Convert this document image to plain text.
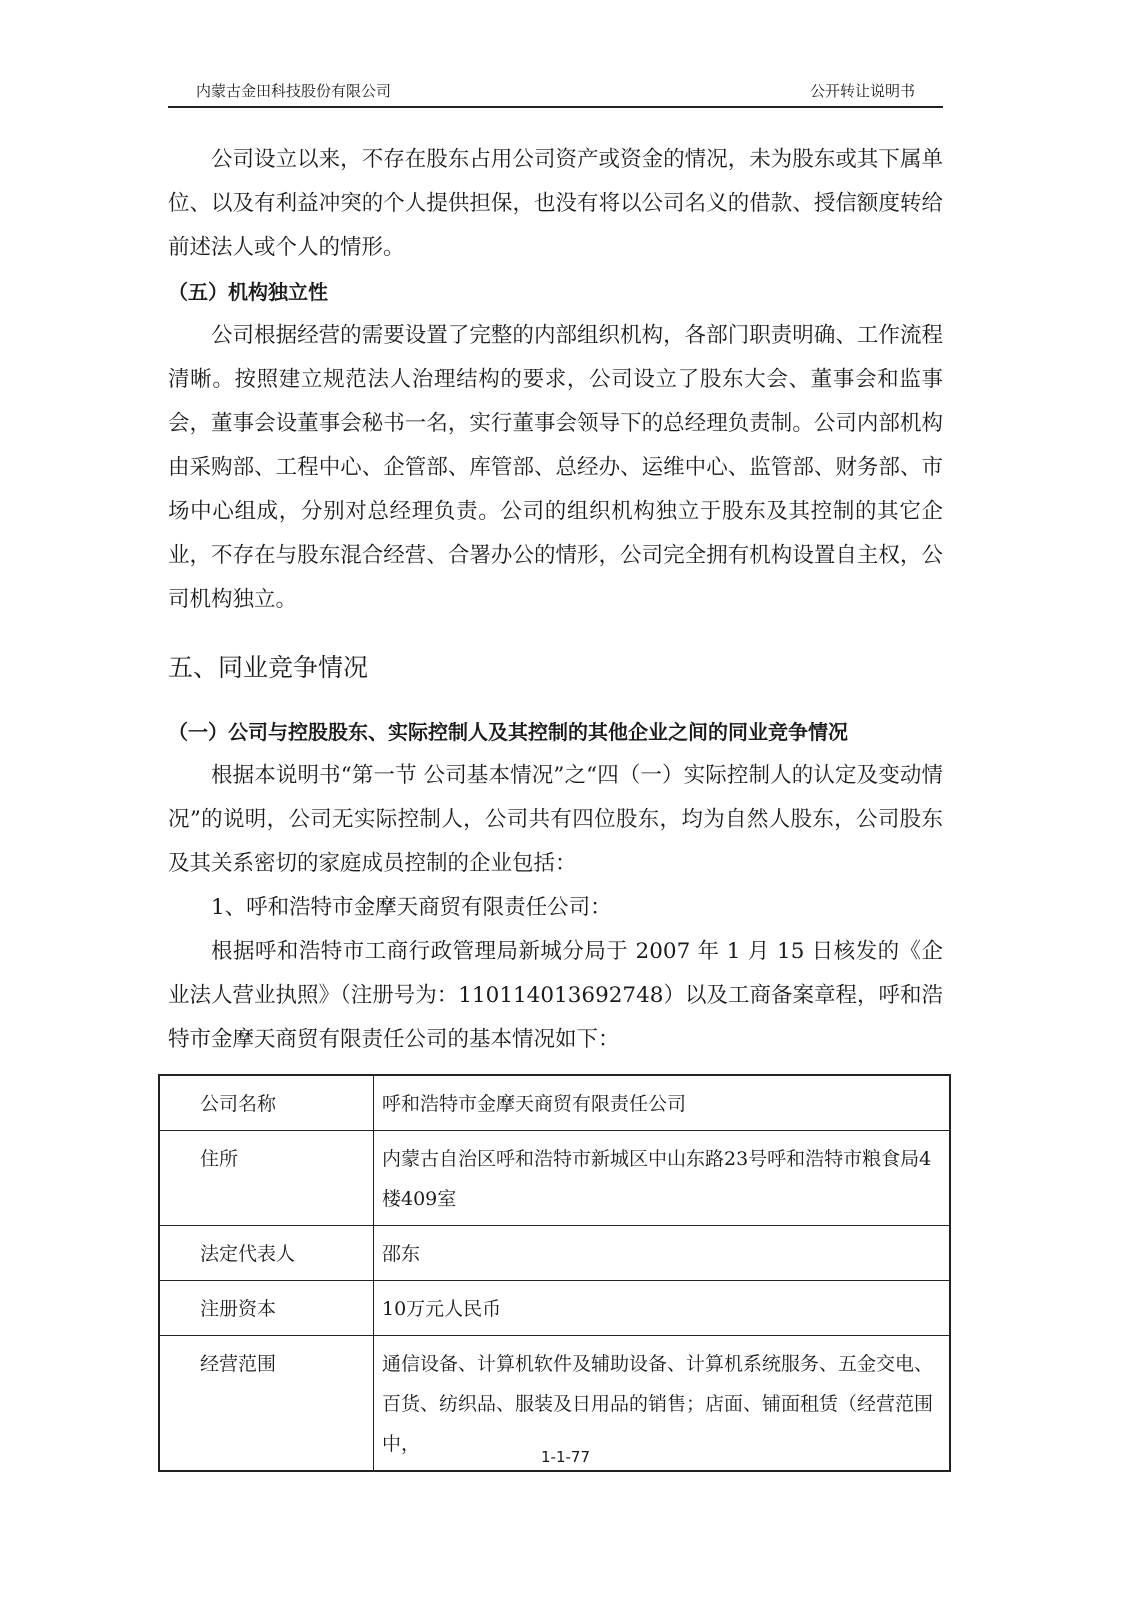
内蒙古金田科技股份有限公司	公开转让说明书

公司设立以来，不存在股东占用公司资产或资金的情况，未为股东或其下属单位、以及有利益冲突的个人提供担保，也没有将以公司名义的借款、授信额度转给前述法人或个人的情形。

（五）机构独立性

公司根据经营的需要设置了完整的内部组织机构，各部门职责明确、工作流程清晰。按照建立规范法人治理结构的要求，公司设立了股东大会、董事会和监事会，董事会设董事会秘书一名，实行董事会领导下的总经理负责制。公司内部机构由采购部、工程中心、企管部、库管部、总经办、运维中心、监管部、财务部、市场中心组成，分别对总经理负责。公司的组织机构独立于股东及其控制的其它企业，不存在与股东混合经营、合署办公的情形，公司完全拥有机构设置自主权，公司机构独立。

五、同业竞争情况
（一）公司与控股股东、实际控制人及其控制的其他企业之间的同业竞争情况

根据本说明书“第一节 公司基本情况”之“四（一）实际控制人的认定及变动情况”的说明，公司无实际控制人，公司共有四位股东，均为自然人股东，公司股东及其关系密切的家庭成员控制的企业包括：

1、呼和浩特市金摩天商贸有限责任公司：

根据呼和浩特市工商行政管理局新城分局于 2007 年 1 月 15 日核发的《企业法人营业执照》（注册号为：110114013692748）以及工商备案章程，呼和浩特市金摩天商贸有限责任公司的基本情况如下：

公司名称	呼和浩特市金摩天商贸有限责任公司
住所	内蒙古自治区呼和浩特市新城区中山东路23号呼和浩特市粮食局4楼409室
法定代表人	邵东
注册资本	10万元人民币
经营范围	通信设备、计算机软件及辅助设备、计算机系统服务、五金交电、百货、纺织品、服装及日用品的销售；店面、铺面租赁（经营范围中，
1-1-77
